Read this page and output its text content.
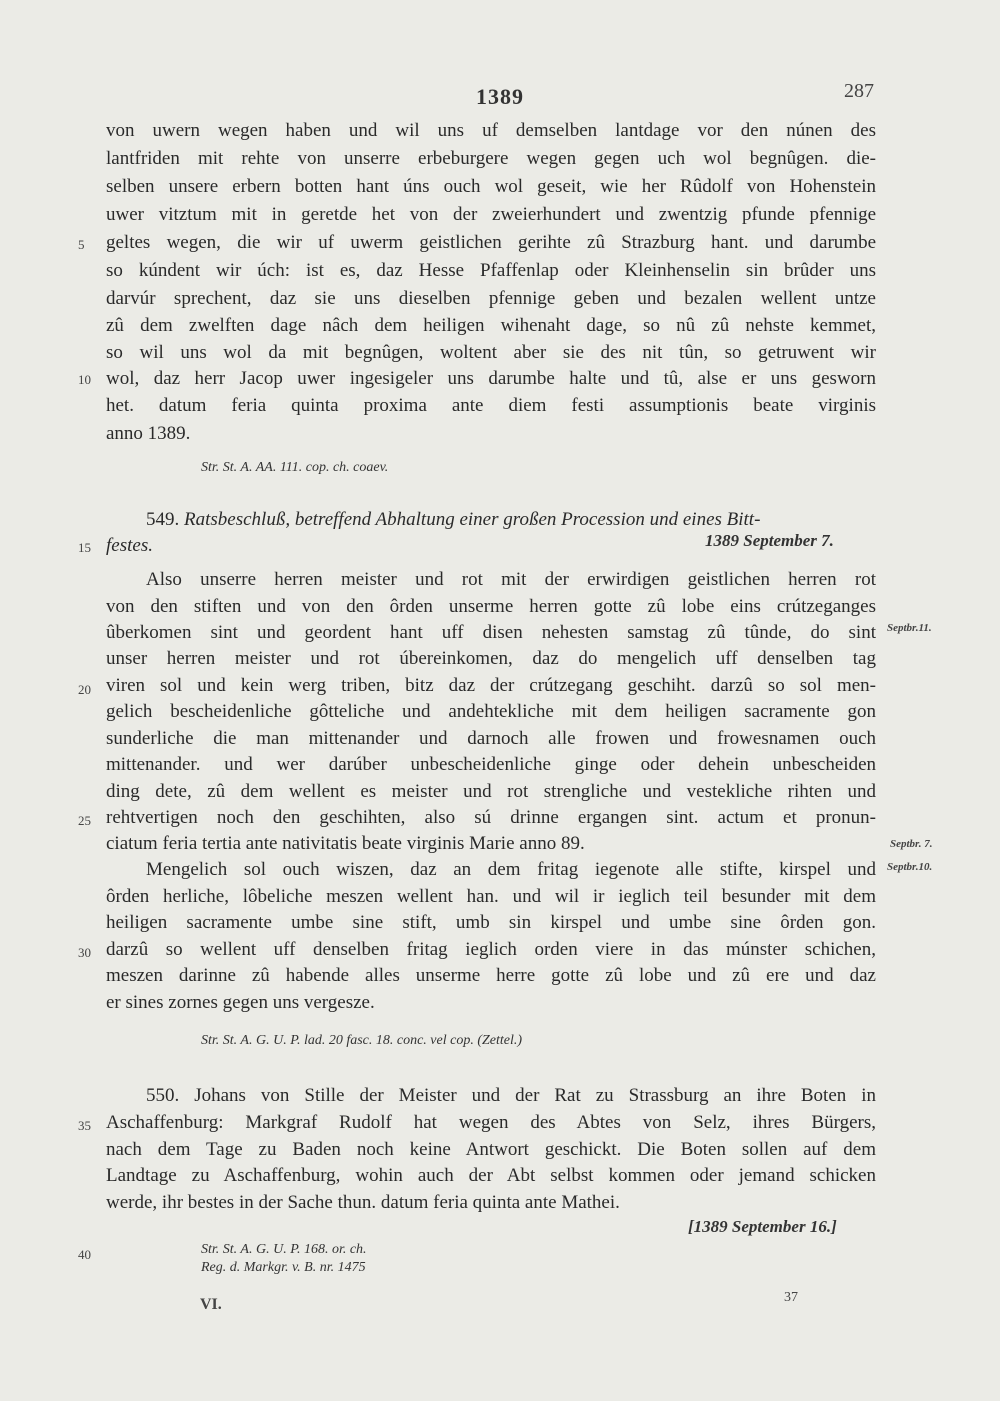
1389	287
von uwern wegen haben und wil uns uf demselben lantdage vor den núnen des
lantfriden mit rehte von unserre erbeburgere wegen gegen uch wol begnûgen. die-
selben unsere erbern botten hant úns ouch wol geseit, wie her Rûdolf von Hohenstein
uwer vitztum mit in geretde het von der zweierhundert und zwentzig pfunde pfennige
geltes wegen, die wir uf uwerm geistlichen gerihte zû Strazburg hant. und darumbe
so kúndent wir úch: ist es, daz Hesse Pfaffenlap oder Kleinhenselin sin brûder uns
darvúr sprechent, daz sie uns dieselben pfennige geben und bezalen wellent untze
zû dem zwelften dage nâch dem heiligen wihenaht dage, so nû zû nehste kemmet,
so wil uns wol da mit begnûgen, woltent aber sie des nit tûn, so getruwent wir
wol, daz herr Jacop uwer ingesigeler uns darumbe halte und tû, alse er uns gesworn
het. datum feria quinta proxima ante diem festi assumptionis beate virginis
anno 1389.
Str. St. A. AA. 111. cop. ch. coaev.
549. Ratsbeschluß, betreffend Abhaltung einer großen Procession und eines Bitt-
festes.	1389 September 7.
Also unserre herren meister und rot mit der erwirdigen geistlichen herren rot
von den stiften und von den ôrden unserme herren gotte zû lobe eins crútzeganges
ûberkomen sint und geordent hant uff disen nehesten samstag zû tûnde, do sint
unser herren meister und rot úbereinkomen, daz do mengelich uff denselben tag
viren sol und kein werg triben, bitz daz der crútzegang geschiht. darzû so sol men-
gelich bescheidenliche gôtteliche und andehtekliche mit dem heiligen sacramente gon
sunderliche die man mittenander und darnoch alle frowen und frowesnamen ouch
mittenander. und wer darúber unbescheidenliche ginge oder dehein unbescheiden
ding dete, zû dem wellent es meister und rot strengliche und vestekliche rihten und
rehtvertigen noch den geschihten, also sú drinne ergangen sint. actum et pronun-
ciatum feria tertia ante nativitatis beate virginis Marie anno 89.
Mengelich sol ouch wiszen, daz an dem fritag iegenote alle stifte, kirspel und
ôrden herliche, lôbeliche meszen wellent han. und wil ir ieglich teil besunder mit dem
heiligen sacramente umbe sine stift, umb sin kirspel und umbe sine ôrden gon.
darzû so wellent uff denselben fritag ieglich orden viere in das múnster schichen,
meszen darinne zû habende alles unserme herre gotte zû lobe und zû ere und daz
er sines zornes gegen uns vergesze.
Str. St. A. G. U. P. lad. 20 fasc. 18. conc. vel cop. (Zettel.)
550. Johans von Stille der Meister und der Rat zu Strassburg an ihre Boten in
Aschaffenburg: Markgraf Rudolf hat wegen des Abtes von Selz, ihres Bürgers,
nach dem Tage zu Baden noch keine Antwort geschickt. Die Boten sollen auf dem
Landtage zu Aschaffenburg, wohin auch der Abt selbst kommen oder jemand schicken
werde, ihr bestes in der Sache thun. datum feria quinta ante Mathei.
[1389 September 16.]
Str. St. A. G. U. P. 168. or. ch.
Reg. d. Markgr. v. B. nr. 1475
5
10
15
20
25
30
35
40
Septbr.11.
Septbr. 7.
Septbr.10.
VI.	37
